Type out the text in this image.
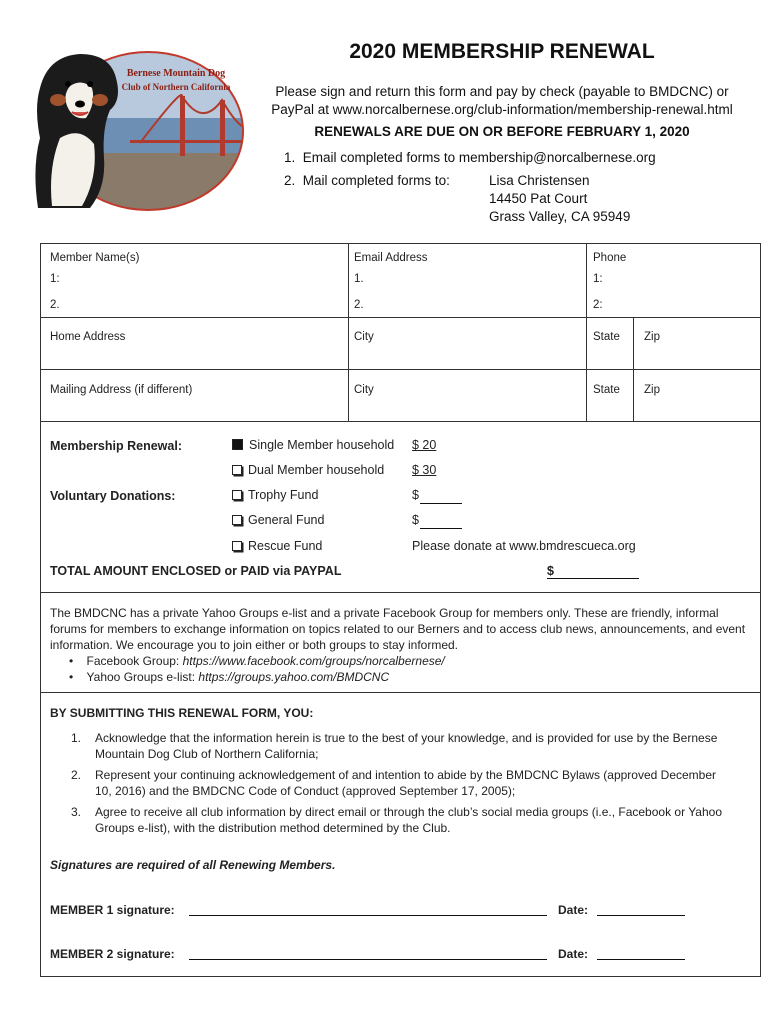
Bernese Mountain Dog
Club of Northern California
2020 MEMBERSHIP RENEWAL
Please sign and return this form and pay by check (payable to BMDCNC) or
PayPal at www.norcalbernese.org/club-information/membership-renewal.html
RENEWALS ARE DUE ON OR BEFORE FEBRUARY 1, 2020
1. Email completed forms to membership@norcalbernese.org
2. Mail completed forms to:	Lisa Christensen
14450 Pat Court
Grass Valley, CA 95949
Member Name(s)	Email Address	Phone
1:	1.	1:
2.	2.	2:
Home Address	City	State Zip
Mailing Address (if different)	City	State Zip
Membership Renewal:	Single Member household $ 20
Dual Member household $ 30
Voluntary Donations:	Trophy Fund	$
General Fund	$
Rescue Fund	Please donate at www.bmdrescueca.org
TOTAL AMOUNT ENCLOSED or PAID via PAYPAL	$
The BMDCNC has a private Yahoo Groups e-list and a private Facebook Group for members only. These are friendly, informal forums for members to exchange information on topics related to our Berners and to access club news, announcements, and event information. We encourage you to join either or both groups to stay informed.
• Facebook Group: https://www.facebook.com/groups/norcalbernese/
• Yahoo Groups e-list: https://groups.yahoo.com/BMDCNC
BY SUBMITTING THIS RENEWAL FORM, YOU:
1. Acknowledge that the information herein is true to the best of your knowledge, and is provided for use by the Bernese Mountain Dog Club of Northern California;
2. Represent your continuing acknowledgement of and intention to abide by the BMDCNC Bylaws (approved December 10, 2016) and the BMDCNC Code of Conduct (approved September 17, 2005);
3. Agree to receive all club information by direct email or through the club’s social media groups (i.e., Facebook or Yahoo Groups e-list), with the distribution method determined by the Club.
Signatures are required of all Renewing Members.
MEMBER 1 signature:	Date:
MEMBER 2 signature:	Date:
